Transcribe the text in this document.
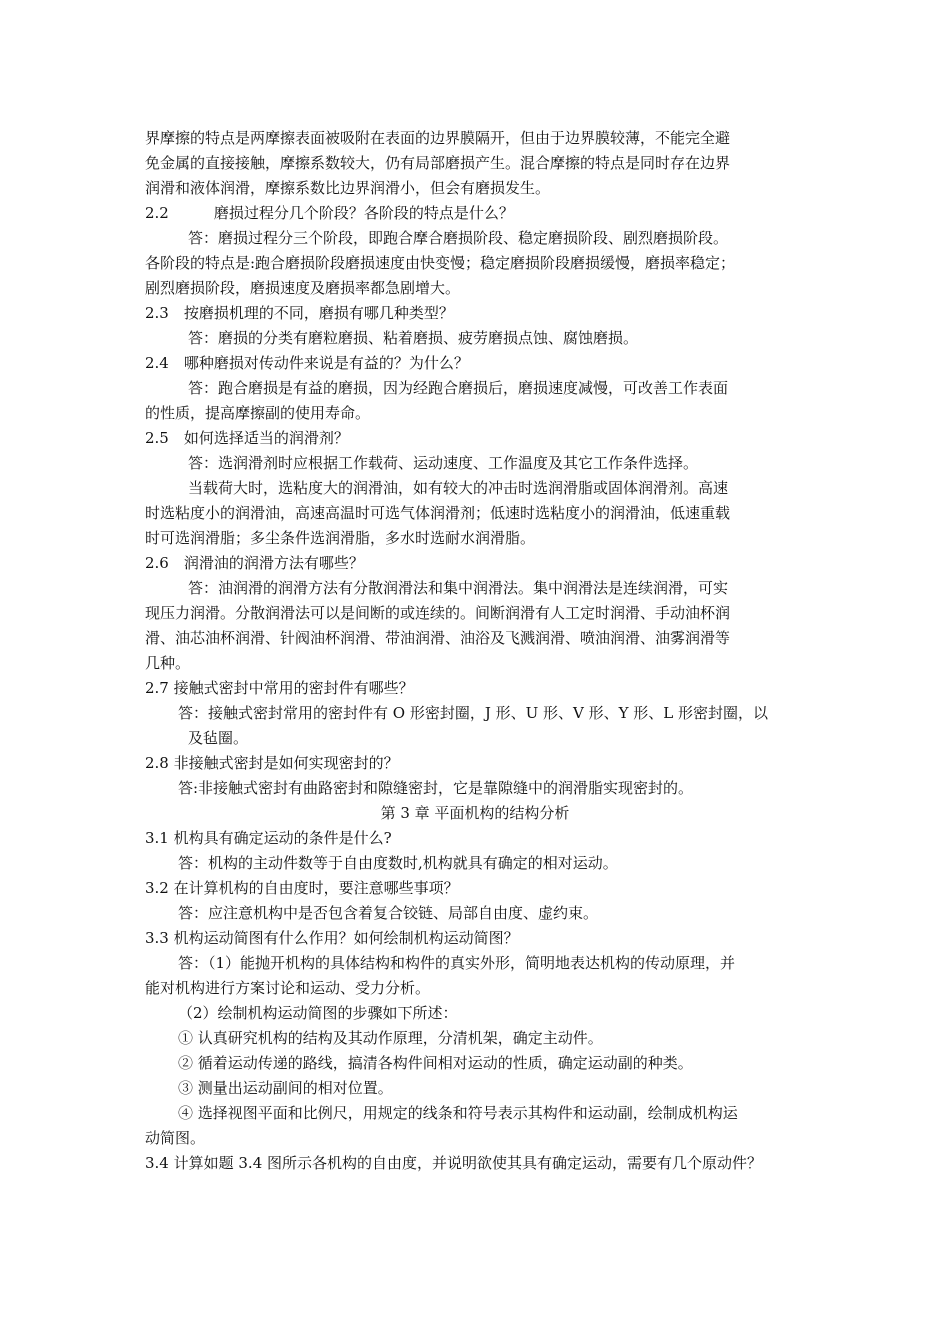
界摩擦的特点是两摩擦表面被吸附在表面的边界膜隔开，但由于边界膜较薄，不能完全避
免金属的直接接触，摩擦系数较大，仍有局部磨损产生。混合摩擦的特点是同时存在边界
润滑和液体润滑，摩擦系数比边界润滑小，但会有磨损发生。
2.2　　　磨损过程分几个阶段？各阶段的特点是什么？
答：磨损过程分三个阶段，即跑合摩合磨损阶段、稳定磨损阶段、剧烈磨损阶段。
各阶段的特点是:跑合磨损阶段磨损速度由快变慢；稳定磨损阶段磨损缓慢，磨损率稳定；
剧烈磨损阶段，磨损速度及磨损率都急剧增大。
2.3　按磨损机理的不同，磨损有哪几种类型？
答：磨损的分类有磨粒磨损、粘着磨损、疲劳磨损点蚀、腐蚀磨损。
2.4　哪种磨损对传动件来说是有益的？为什么？
答：跑合磨损是有益的磨损，因为经跑合磨损后，磨损速度减慢，可改善工作表面
的性质，提高摩擦副的使用寿命。
2.5　如何选择适当的润滑剂？
答：选润滑剂时应根据工作载荷、运动速度、工作温度及其它工作条件选择。
当载荷大时，选粘度大的润滑油，如有较大的冲击时选润滑脂或固体润滑剂。高速
时选粘度小的润滑油，高速高温时可选气体润滑剂；低速时选粘度小的润滑油，低速重载
时可选润滑脂；多尘条件选润滑脂，多水时选耐水润滑脂。
2.6　润滑油的润滑方法有哪些？
答：油润滑的润滑方法有分散润滑法和集中润滑法。集中润滑法是连续润滑，可实
现压力润滑。分散润滑法可以是间断的或连续的。间断润滑有人工定时润滑、手动油杯润
滑、油芯油杯润滑、针阀油杯润滑、带油润滑、油浴及飞溅润滑、喷油润滑、油雾润滑等
几种。
2.7 接触式密封中常用的密封件有哪些？
答：接触式密封常用的密封件有 O 形密封圈，J 形、U 形、V 形、Y 形、L 形密封圈，以
及毡圈。
2.8 非接触式密封是如何实现密封的？
答:非接触式密封有曲路密封和隙缝密封，它是靠隙缝中的润滑脂实现密封的。
第 3 章 平面机构的结构分析
3.1 机构具有确定运动的条件是什么?
答：机构的主动件数等于自由度数时,机构就具有确定的相对运动。
3.2 在计算机构的自由度时，要注意哪些事项？
答：应注意机构中是否包含着复合铰链、局部自由度、虚约束。
3.3 机构运动简图有什么作用？如何绘制机构运动简图？
答：（1）能抛开机构的具体结构和构件的真实外形，简明地表达机构的传动原理，并
能对机构进行方案讨论和运动、受力分析。
（2）绘制机构运动简图的步骤如下所述：
① 认真研究机构的结构及其动作原理，分清机架，确定主动件。
② 循着运动传递的路线，搞清各构件间相对运动的性质，确定运动副的种类。
③ 测量出运动副间的相对位置。
④ 选择视图平面和比例尺，用规定的线条和符号表示其构件和运动副，绘制成机构运
动简图。
3.4 计算如题 3.4 图所示各机构的自由度，并说明欲使其具有确定运动，需要有几个原动件？
